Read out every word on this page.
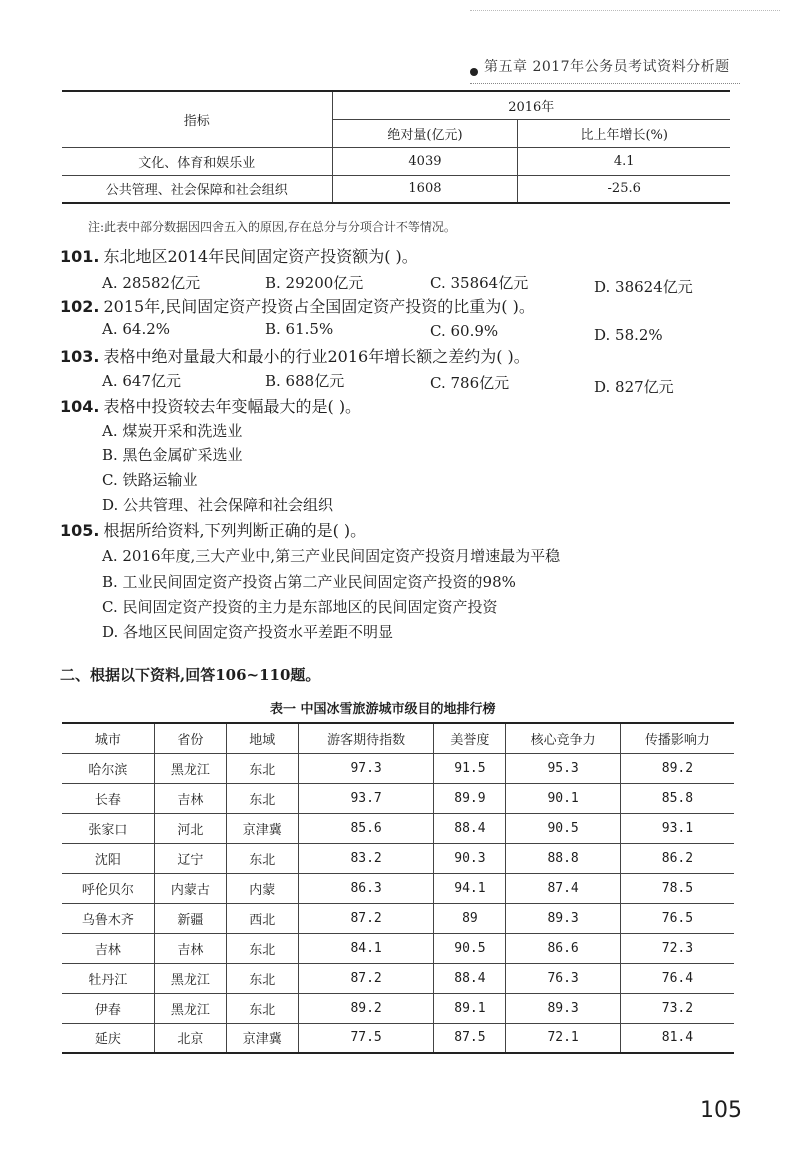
第五章 2017年公务员考试资料分析题
指标	2016年	
	绝对量(亿元)	比上年增长(%)
文化、体育和娱乐业	4039	4.1
公共管理、社会保障和社会组织	1608	-25.6
注:此表中部分数据因四舍五入的原因,存在总分与分项合计不等情况。
101. 东北地区2014年民间固定资产投资额为( )。
A. 28582亿元	B. 29200亿元	C. 35864亿元	D. 38624亿元
102. 2015年,民间固定资产投资占全国固定资产投资的比重为( )。
A. 64.2%	B. 61.5%	C. 60.9%	D. 58.2%
103. 表格中绝对量最大和最小的行业2016年增长额之差约为( )。
A. 647亿元	B. 688亿元	C. 786亿元	D. 827亿元
104. 表格中投资较去年变幅最大的是( )。
A. 煤炭开采和洗选业
B. 黑色金属矿采选业
C. 铁路运输业
D. 公共管理、社会保障和社会组织
105. 根据所给资料,下列判断正确的是( )。
A. 2016年度,三大产业中,第三产业民间固定资产投资月增速最为平稳
B. 工业民间固定资产投资占第二产业民间固定资产投资的98%
C. 民间固定资产投资的主力是东部地区的民间固定资产投资
D. 各地区民间固定资产投资水平差距不明显
二、根据以下资料,回答106~110题。
表一 中国冰雪旅游城市级目的地排行榜
城市	省份	地域	游客期待指数	美誉度	核心竞争力	传播影响力
哈尔滨	黑龙江	东北	97.3	91.5	95.3	89.2
长春	吉林	东北	93.7	89.9	90.1	85.8
张家口	河北	京津冀	85.6	88.4	90.5	93.1
沈阳	辽宁	东北	83.2	90.3	88.8	86.2
呼伦贝尔	内蒙古	内蒙	86.3	94.1	87.4	78.5
乌鲁木齐	新疆	西北	87.2	89	89.3	76.5
吉林	吉林	东北	84.1	90.5	86.6	72.3
牡丹江	黑龙江	东北	87.2	88.4	76.3	76.4
伊春	黑龙江	东北	89.2	89.1	89.3	73.2
延庆	北京	京津冀	77.5	87.5	72.1	81.4
105
